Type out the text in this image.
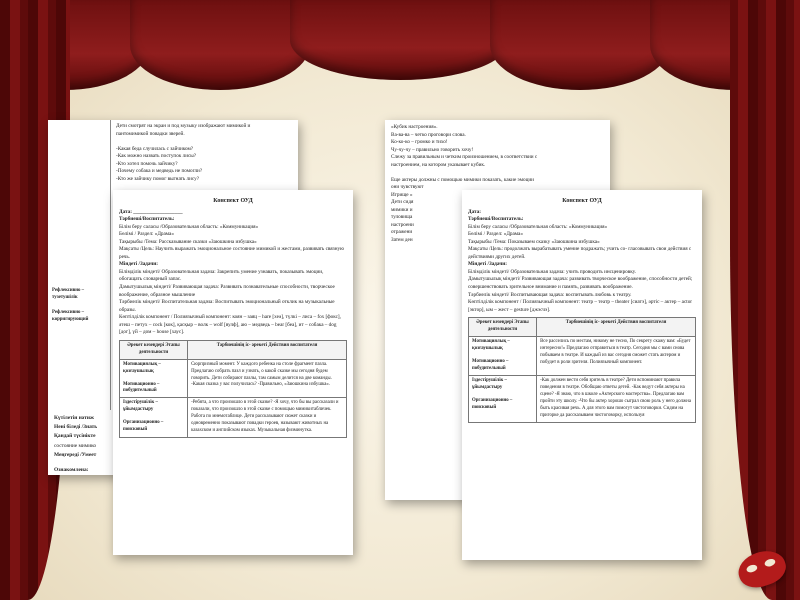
Рефлексивно – тузетушiлiк
Рефлексивно – корригирующий

Дети смотрят на экран и под музыку изображают мимикой и

пантомимикой повадки зверей.

-Какая беда случилась с зайчиком?

-Как можно назвать поступок лисы?

-Кто хотел помочь зайчику?

-Почему собака и медведь не помогли?

-Кто же зайчику помог выгнать лису?

Күтілетін нәтиж

Нені біледі /Знать

Қандай түсінікте

состояние мимико

Меңгереді /Умеет

Ознакомлена:

Конспект ОУД

Дата: ___________________

Тәрбиеші/Воспитатель:

Білім беру саласы /Образовательная область: «Коммуникация»

Бөлімі / Раздел: «Драма»

Тақырыбы /Тема: Рассказывание сказки «Заюшкина избушка»

Мақсаты /Цель: Научить выражать эмоциональное состояние мимикой и жестами, развивать связную речь.

Міндеті /Задачи:

Білімділік міндеті/ Образовательная задача: Закрепить умение узнавать, показывать эмоции, обогащать словарный запас.

Дамытушылық міндеті/ Развивающая задача: Развивать познавательные способности, творческое воображение, образное мышление

Тәрбиелік міндеті/ Воспитательная задача: Воспитывать эмоциональный отклик на музыкальные образы.

Көптілділік компонент / Полиязычный компонент: коян – заяц – hare [хеә], түлкі – лиса – fox [фокс], әтеш – петух – cock [кок], қасқыр – волк – wolf [вулф], аю – медведь – bear [беа], ит – собака – dog [дог], үй – дом – house [хаус].

Әрекет кезеңдері Этапы деятельности	Тәрбиешінің іс- әрекеті Действия воспитателя

Мотивациялық – қозғаушылық
Мотивационно – побудительный	Сюрпризный момент. У каждого ребенка на столе фрагмент пазла. Предлагаю собрать пазл и узнать, о какой сказке мы сегодня будем говорить. Дети собирают пазлы, там самым делится на две команды. -Какая сказка у вас получилась? -Правильно, «Заюшкина избушка».

Іздестірушілік – ұйымдастыру
Организационно – поисковый	-Ребята, а что произошло в этой сказке? -Я хочу, что бы вы рассказали и показали, что произошло в этой сказке с помощью мимикитабличек. Работа по мнемотаблице. Дети рассказывают сюжет сказки и одновременно показывают повадки героев, называют животных на казахском и английском языках. Музыкальная физминутка.

«Кубик настроения».

Ва-ва-ва – четко проговори слова.

Ко-ко-ко – громко и тихо!

Чу-чу-чу – правильно говорить хочу!

Слежу за правильным и четким произношением, в соответствии с

настроением, на котором указывает кубик.

Еще актеры должны с помощью мимики показать, какие эмоции

они чувствуют

Игрище «

Дети сидя

мимики и

туловища

настроени

отражени

Затем ден

Конспект ОУД

Дата:

Тәрбиеші/Воспитатель:

Білім беру саласы /Образовательная область: «Коммуникация»

Бөлімі / Раздел: «Драма»

Тақырыбы /Тема: Показываем сказку «Заюшкина избушка»

Мақсаты /Цель: продолжать вырабатывать умение подражать; учить со- гласовывать свои действия с действиями других детей.

Міндеті /Задачи:

Білімділік міндеті/ Образовательная задача: учить проводить инсценировку.

Дамытушылық міндеті/ Развивающая задача: развивать творческое воображение, способности детей; совершенствовать зрительное внимание и память, развивать воображение.

Тәрбиелік міндеті/ Воспитывающая задача: воспитывать любовь к театру.

Көптілділік компонент / Полиязычный компонент: театр – театр – theater [сиатэ], әртіс – актер – actor [эктор], ым – жест – gesture [джэсчэ].

Әрекет кезеңдері Этапы деятельности	Тәрбиешінің іс- әрекеті Действия воспитателя

Мотивациялық – қозғаушылық
Мотивационно – побудительный	Все расселись по местам, никому не тесно, По секрету скажу вам: «Будет интересно!» Предлагаю отправиться в театр. Сегодня мы с вами снова побываем в театре. И каждый из вас сегодня сможет стать актером и побудет в роли зрителя. Полиязычный компонент.

Іздестірушілік – ұйымдастыру
Организационно – поисковый	-Как должен вести себя зритель в театре? Дети вспоминают правила поведения в театре. Обобщаю ответы детей. -Как ведут себя актеры на сцене? -Я знаю, что в школе «Актерского мастерства». Предлагаю вам пройти эту школу. -Что бы актер хорошо сыграл свою роль у него должна быть красивая речь. А для этого вам помогут чистоговорки. Сидим на пригорке да рассказываем чистоговорку, используя
